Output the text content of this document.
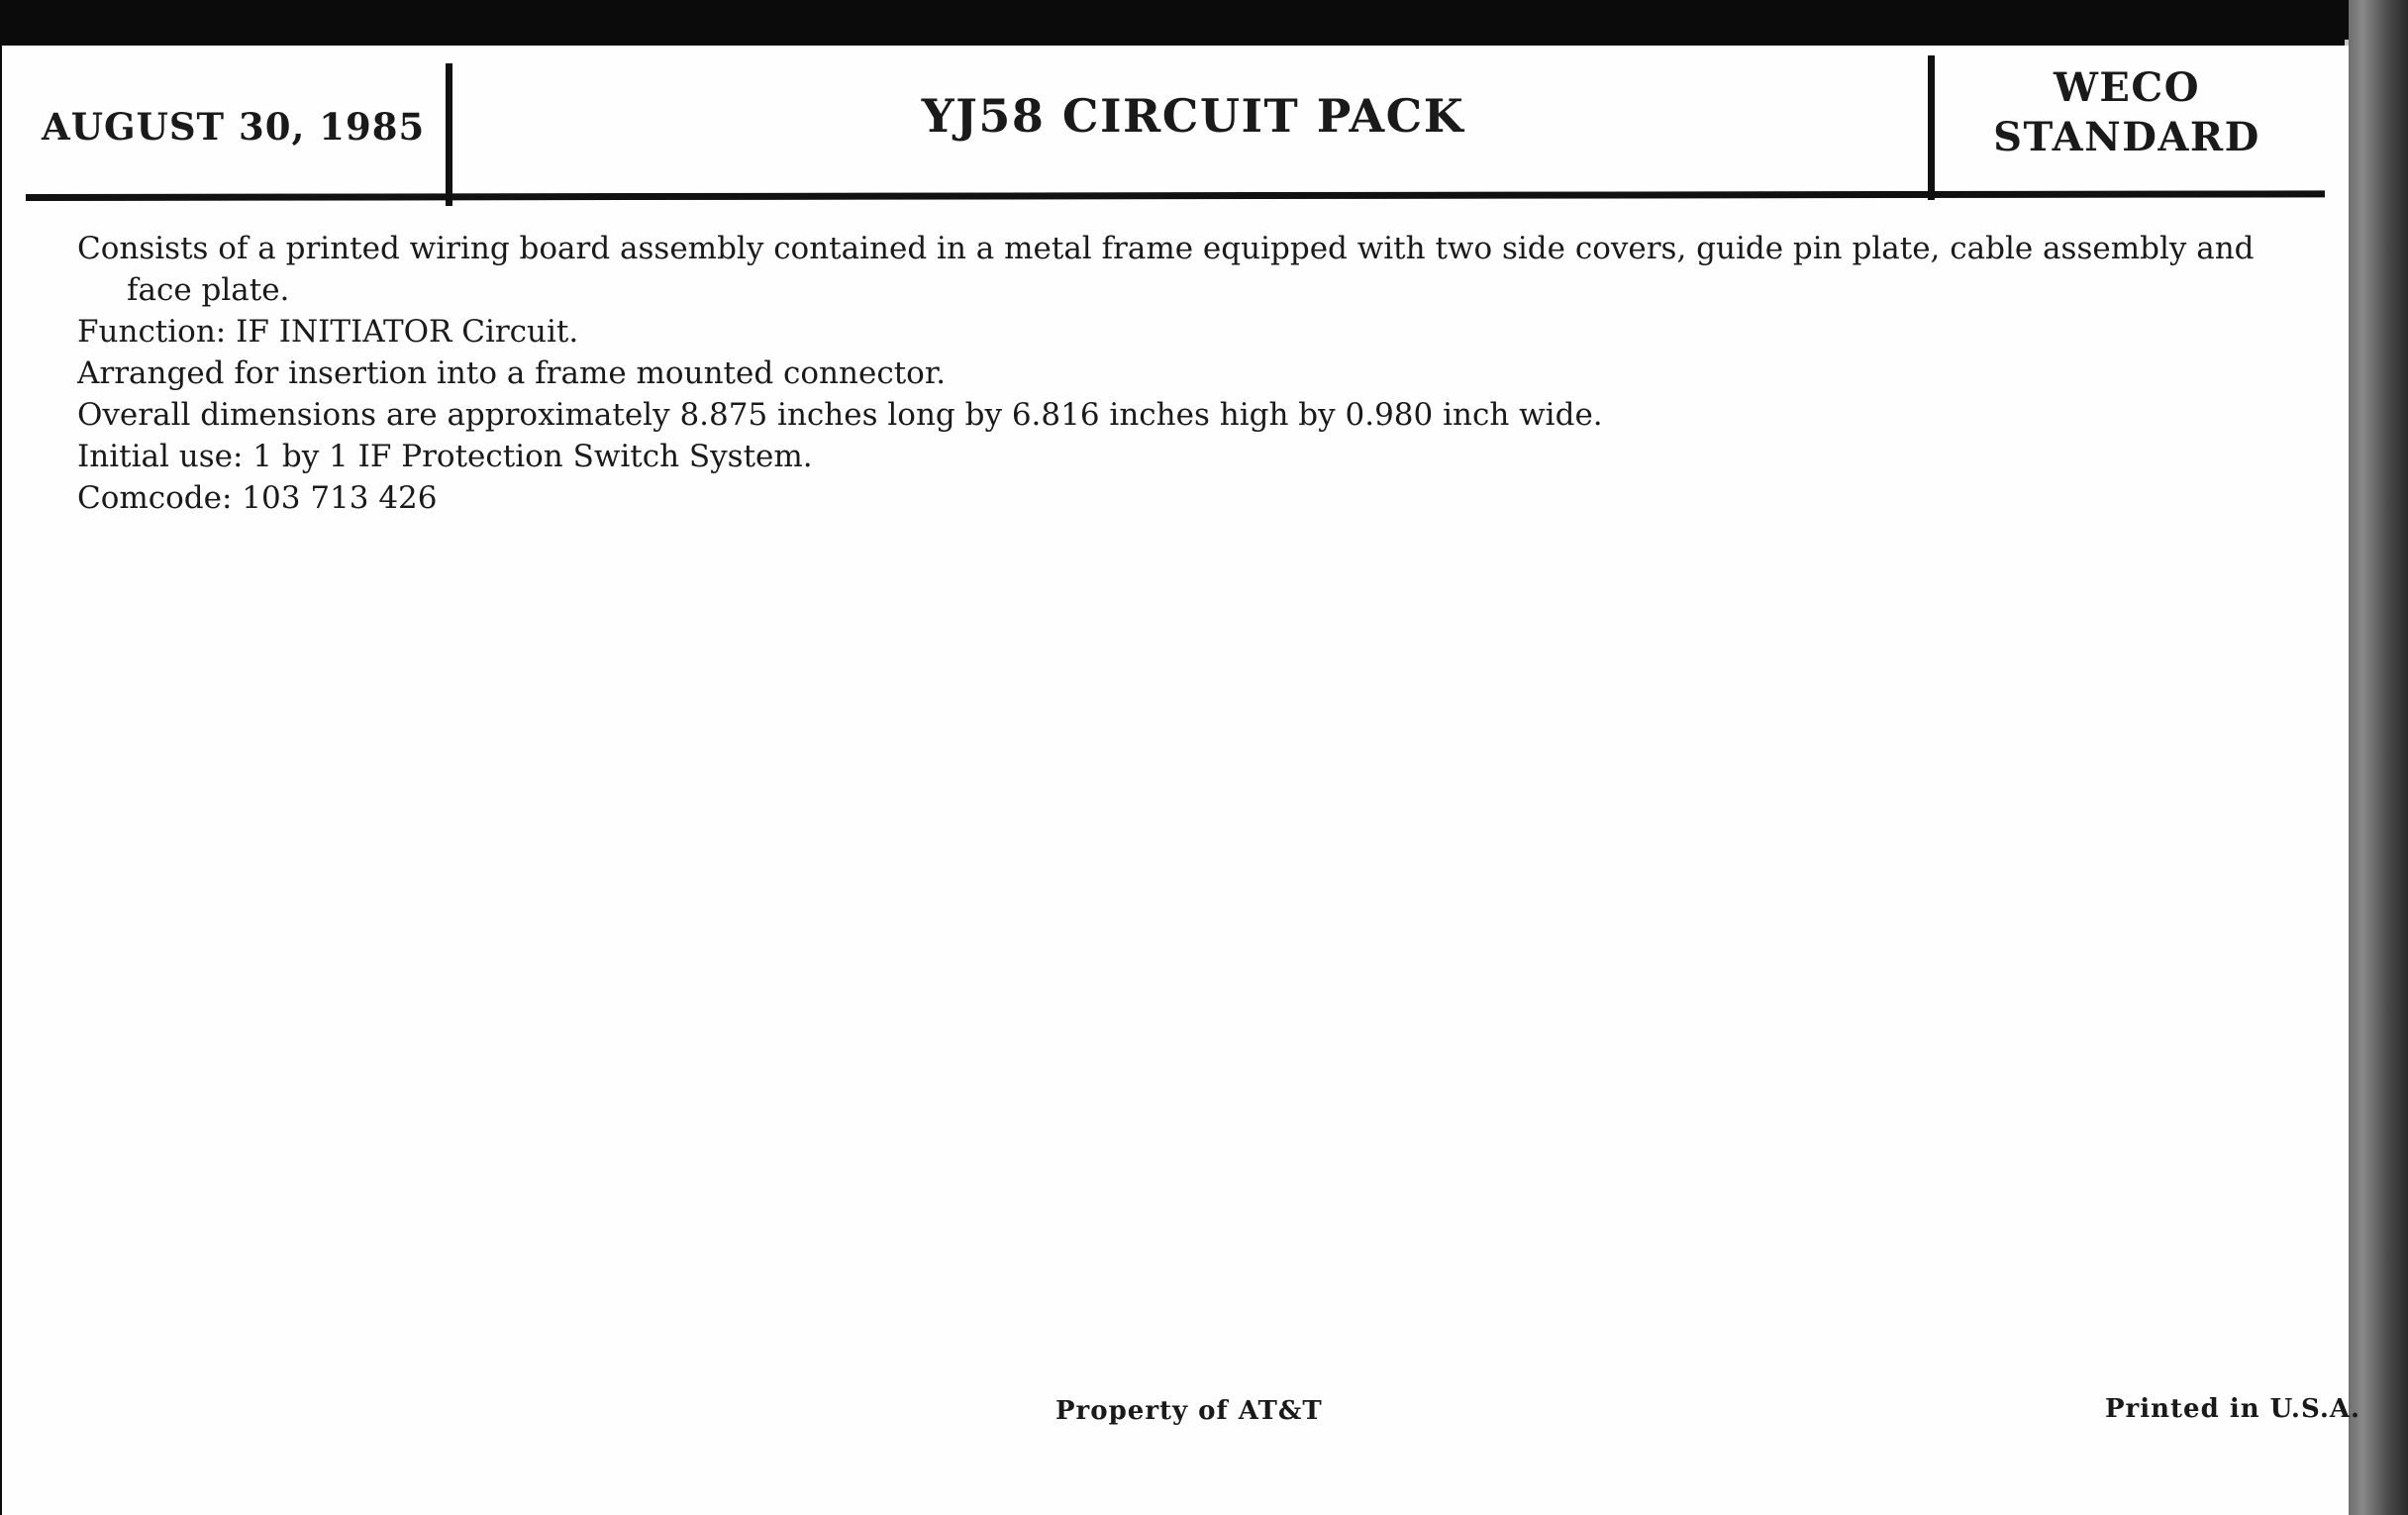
AUGUST 30, 1985	YJ58 CIRCUIT PACK
WECO
STANDARD

Consists of a printed wiring board assembly contained in a metal frame equipped with two side covers, guide pin plate, cable assembly and face plate.

Function: IF INITIATOR Circuit.

Arranged for insertion into a frame mounted connector.

Overall dimensions are approximately 8.875 inches long by 6.816 inches high by 0.980 inch wide.

Initial use: 1 by 1 IF Protection Switch System.

Comcode: 103 713 426

Property of AT&T	Printed in U.S.A.
